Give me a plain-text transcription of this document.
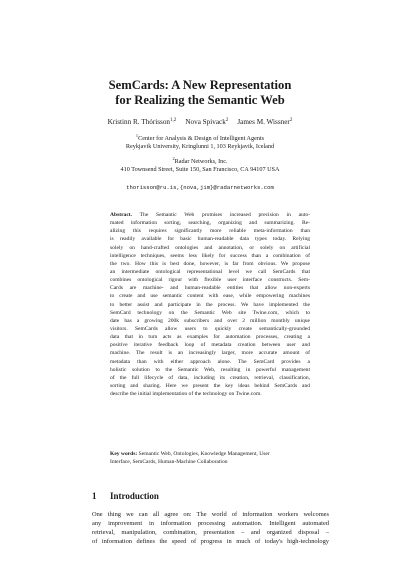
SemCards: A New Representation
for Realizing the Semantic Web
Kristinn R. Thórisson$^{1,2}$ Nova Spivack$^2$ James M. Wissner$^2$
$^1$Center for Analysis & Design of Intelligent Agents
Reykjavik University, Kringlunni 1, 103 Reykjavik, Iceland
$^2$Radar Networks, Inc.
410 Townsend Street, Suite 150, San Francisco, CA 94107 USA
thorisson@ru.is,{nova,jim}@radarnetworks.com
Abstract. The Semantic Web promises increased precision in auto-
mated information sorting, searching, organizing and summarizing. Re-
alizing this requires significantly more reliable meta-information than
is readily available for basic human-readable data types today. Relying
solely on hand-crafted ontologies and annotation, or solely on artificial
intelligence techniques, seems less likely for success than a combination of
the two. How this is best done, however, is far from obvious. We propose
an intermediate ontological representational level we call SemCards that
combines ontological rigour with flexible user interface constructs. Sem-
Cards are machine- and human-readable entities that allow non-experts
to create and use semantic content with ease, while empowering machines
to better assist and participate in the process. We have implemented the
SemCard technology on the Semantic Web site Twine.com, which to
date has a growing 200k subscribers and over 2 million monthly unique
visitors. SemCards allow users to quickly create semantically-grounded
data that in turn acts as examples for automation processes, creating a
positive iterative feedback loop of metadata creation between user and
machine. The result is an increasingly larger, more accurate amount of
metadata than with either approach alone. The SemCard provides a
holistic solution to the Semantic Web, resulting in powerful management
of the full lifecycle of data, including its creation, retrieval, classification,
sorting and sharing. Here we present the key ideas behind SemCards and
describe the initial implementation of the technology on Twine.com.
Key words: Semantic Web, Ontologies, Knowledge Management, User
Interface, SemCards, Human-Machine Collaboration
1 Introduction
One thing we can all agree on: The world of information workers welcomes
any improvement in information processing automation. Intelligent automated
retrieval, manipulation, combination, presentation – and organized disposal –
of information defines the speed of progress in much of today's high-technology
